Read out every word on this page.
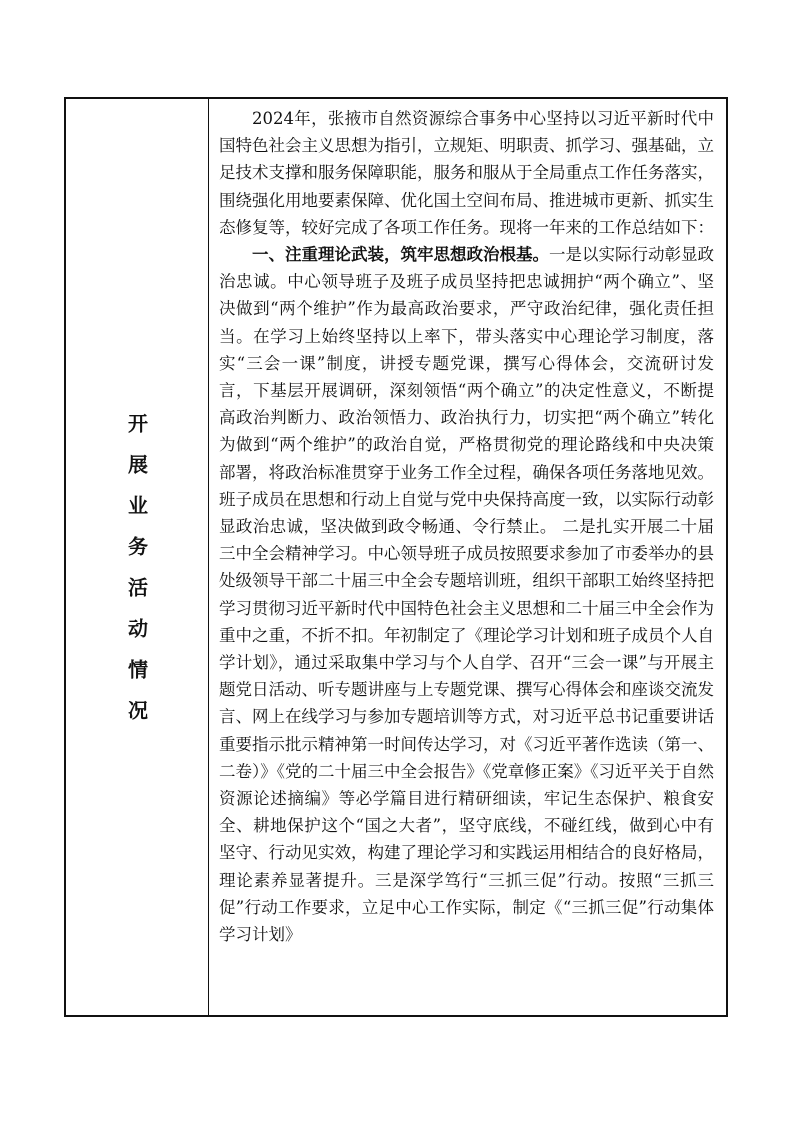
开展业务活动情况

2024年，张掖市自然资源综合事务中心坚持以习近平新时代中国特色社会主义思想为指引，立规矩、明职责、抓学习、强基础，立足技术支撑和服务保障职能，服务和服从于全局重点工作任务落实，围绕强化用地要素保障、优化国土空间布局、推进城市更新、抓实生态修复等，较好完成了各项工作任务。现将一年来的工作总结如下：

一、注重理论武装，筑牢思想政治根基。一是以实际行动彰显政治忠诚。中心领导班子及班子成员坚持把忠诚拥护“两个确立”、坚决做到“两个维护”作为最高政治要求，严守政治纪律，强化责任担当。在学习上始终坚持以上率下，带头落实中心理论学习制度，落实“三会一课”制度，讲授专题党课，撰写心得体会，交流研讨发言，下基层开展调研，深刻领悟“两个确立”的决定性意义，不断提高政治判断力、政治领悟力、政治执行力，切实把“两个确立”转化为做到“两个维护”的政治自觉，严格贯彻党的理论路线和中央决策部署，将政治标准贯穿于业务工作全过程，确保各项任务落地见效。班子成员在思想和行动上自觉与党中央保持高度一致，以实际行动彰显政治忠诚，坚决做到政令畅通、令行禁止。 二是扎实开展二十届三中全会精神学习。中心领导班子成员按照要求参加了市委举办的县处级领导干部二十届三中全会专题培训班，组织干部职工始终坚持把学习贯彻习近平新时代中国特色社会主义思想和二十届三中全会作为重中之重，不折不扣。年初制定了《理论学习计划和班子成员个人自学计划》，通过采取集中学习与个人自学、召开“三会一课”与开展主题党日活动、听专题讲座与上专题党课、撰写心得体会和座谈交流发言、网上在线学习与参加专题培训等方式，对习近平总书记重要讲话重要指示批示精神第一时间传达学习，对《习近平著作选读（第一、二卷）》《党的二十届三中全会报告》《党章修正案》《习近平关于自然资源论述摘编》等必学篇目进行精研细读，牢记生态保护、粮食安全、耕地保护这个“国之大者”，坚守底线，不碰红线，做到心中有坚守、行动见实效，构建了理论学习和实践运用相结合的良好格局，理论素养显著提升。三是深学笃行“三抓三促”行动。按照“三抓三促”行动工作要求，立足中心工作实际，制定《“三抓三促”行动集体学习计划》
